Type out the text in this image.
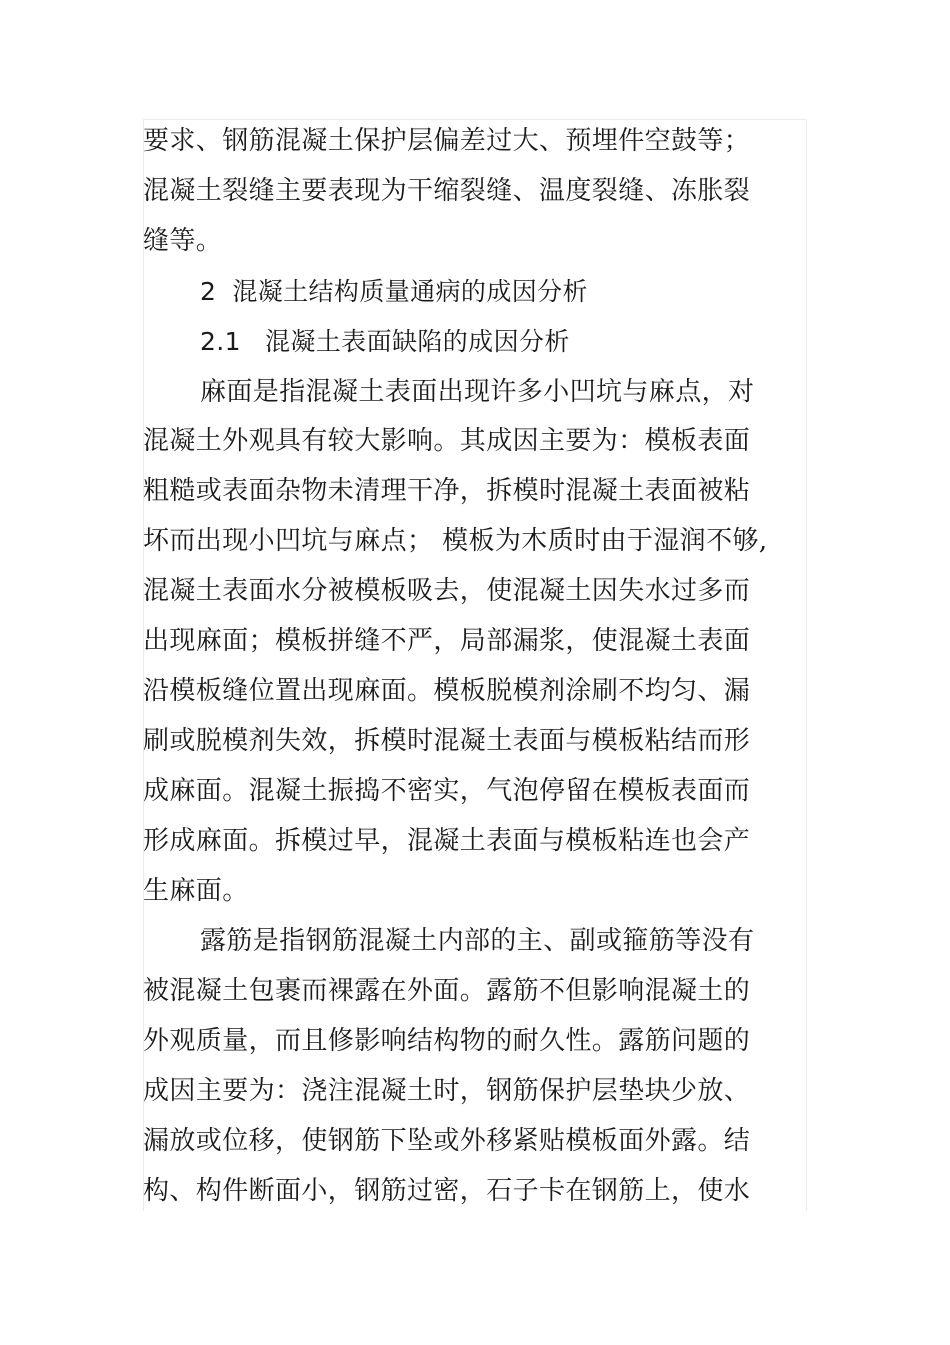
要求、钢筋混凝土保护层偏差过大、预埋件空鼓等；
混凝土裂缝主要表现为干缩裂缝、温度裂缝、冻胀裂
缝等。
2 混凝土结构质量通病的成因分析
2.1 混凝土表面缺陷的成因分析
麻面是指混凝土表面出现许多小凹坑与麻点，对
混凝土外观具有较大影响。其成因主要为：模板表面
粗糙或表面杂物未清理干净，拆模时混凝土表面被粘
坏而出现小凹坑与麻点； 模板为木质时由于湿润不够,
混凝土表面水分被模板吸去，使混凝土因失水过多而
出现麻面；模板拼缝不严，局部漏浆，使混凝土表面
沿模板缝位置出现麻面。模板脱模剂涂刷不均匀、漏
刷或脱模剂失效，拆模时混凝土表面与模板粘结而形
成麻面。混凝土振捣不密实，气泡停留在模板表面而
形成麻面。拆模过早，混凝土表面与模板粘连也会产
生麻面。
露筋是指钢筋混凝土内部的主、副或箍筋等没有
被混凝土包裹而裸露在外面。露筋不但影响混凝土的
外观质量，而且修影响结构物的耐久性。露筋问题的
成因主要为：浇注混凝土时，钢筋保护层垫块少放、
漏放或位移，使钢筋下坠或外移紧贴模板面外露。结
构、构件断面小，钢筋过密，石子卡在钢筋上，使水
